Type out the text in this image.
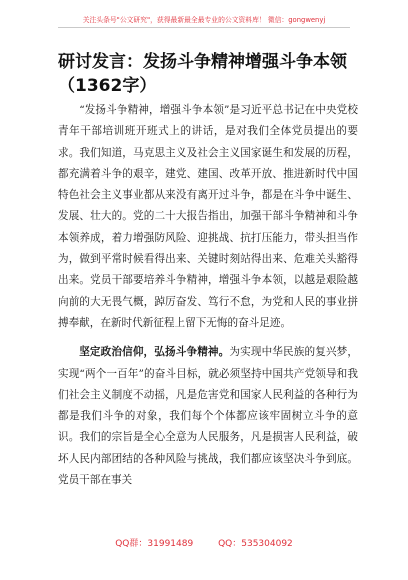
关注头条号"公文研究"，获得最新最全最专业的公文资料库！ 微信：gongwenyj
研讨发言：发扬斗争精神增强斗争本领（1362字）

“发扬斗争精神，增强斗争本领”是习近平总书记在中央党校青年干部培训班开班式上的讲话，是对我们全体党员提出的要求。我们知道，马克思主义及社会主义国家诞生和发展的历程，都充满着斗争的艰辛，建党、建国、改革开放、推进新时代中国特色社会主义事业都从来没有离开过斗争，都是在斗争中诞生、发展、壮大的。党的二十大报告指出，加强干部斗争精神和斗争本领养成，着力增强防风险、迎挑战、抗打压能力，带头担当作为，做到平常时候看得出来、关键时刻站得出来、危难关头豁得出来。党员干部要培养斗争精神，增强斗争本领，以越是艰险越向前的大无畏气概，踔厉奋发、笃行不怠，为党和人民的事业拼搏奉献，在新时代新征程上留下无悔的奋斗足迹。

坚定政治信仰，弘扬斗争精神。为实现中华民族的复兴梦，实现“两个一百年”的奋斗目标，就必须坚持中国共产党领导和我们社会主义制度不动摇，凡是危害党和国家人民利益的各种行为都是我们斗争的对象，我们每个个体都应该牢固树立斗争的意识。我们的宗旨是全心全意为人民服务，凡是损害人民利益，破坏人民内部团结的各种风险与挑战，我们都应该坚决斗争到底。党员干部在事关

QQ群：31991489	QQ：535304092
